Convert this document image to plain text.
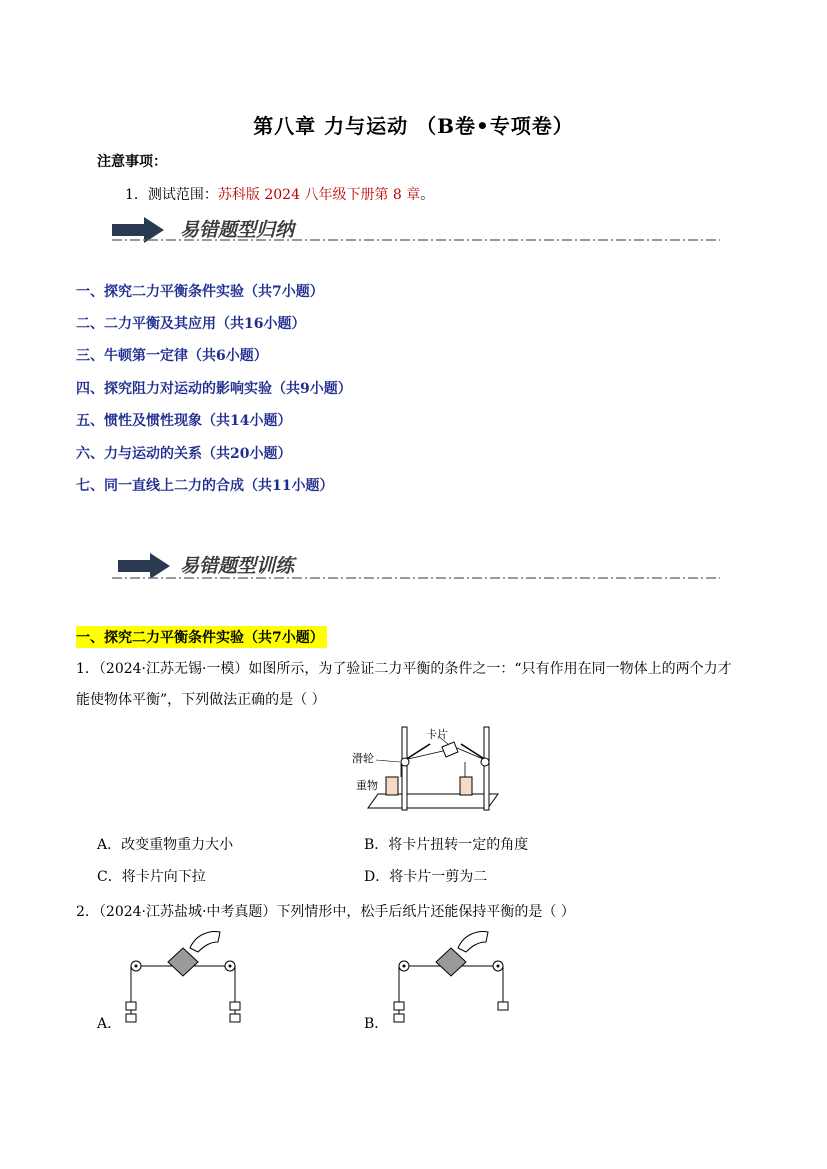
第八章 力与运动 （B卷•专项卷）
注意事项：
1．测试范围：苏科版 2024 八年级下册第 8 章。
易错题型归纳
一、探究二力平衡条件实验（共7小题）
二、二力平衡及其应用（共16小题）
三、牛顿第一定律（共6小题）
四、探究阻力对运动的影响实验（共9小题）
五、惯性及惯性现象（共14小题）
六、力与运动的关系（共20小题）
七、同一直线上二力的合成（共11小题）
易错题型训练
一、探究二力平衡条件实验（共7小题）
1．（2024·江苏无锡·一模）如图所示，为了验证二力平衡的条件之一：“只有作用在同一物体上的两个力才
能使物体平衡”，下列做法正确的是（ ）
卡片
滑轮
重物
A．改变重物重力大小	B．将卡片扭转一定的角度
C．将卡片向下拉	D．将卡片一剪为二
2．（2024·江苏盐城·中考真题）下列情形中，松手后纸片还能保持平衡的是（ ）
A．	B．
